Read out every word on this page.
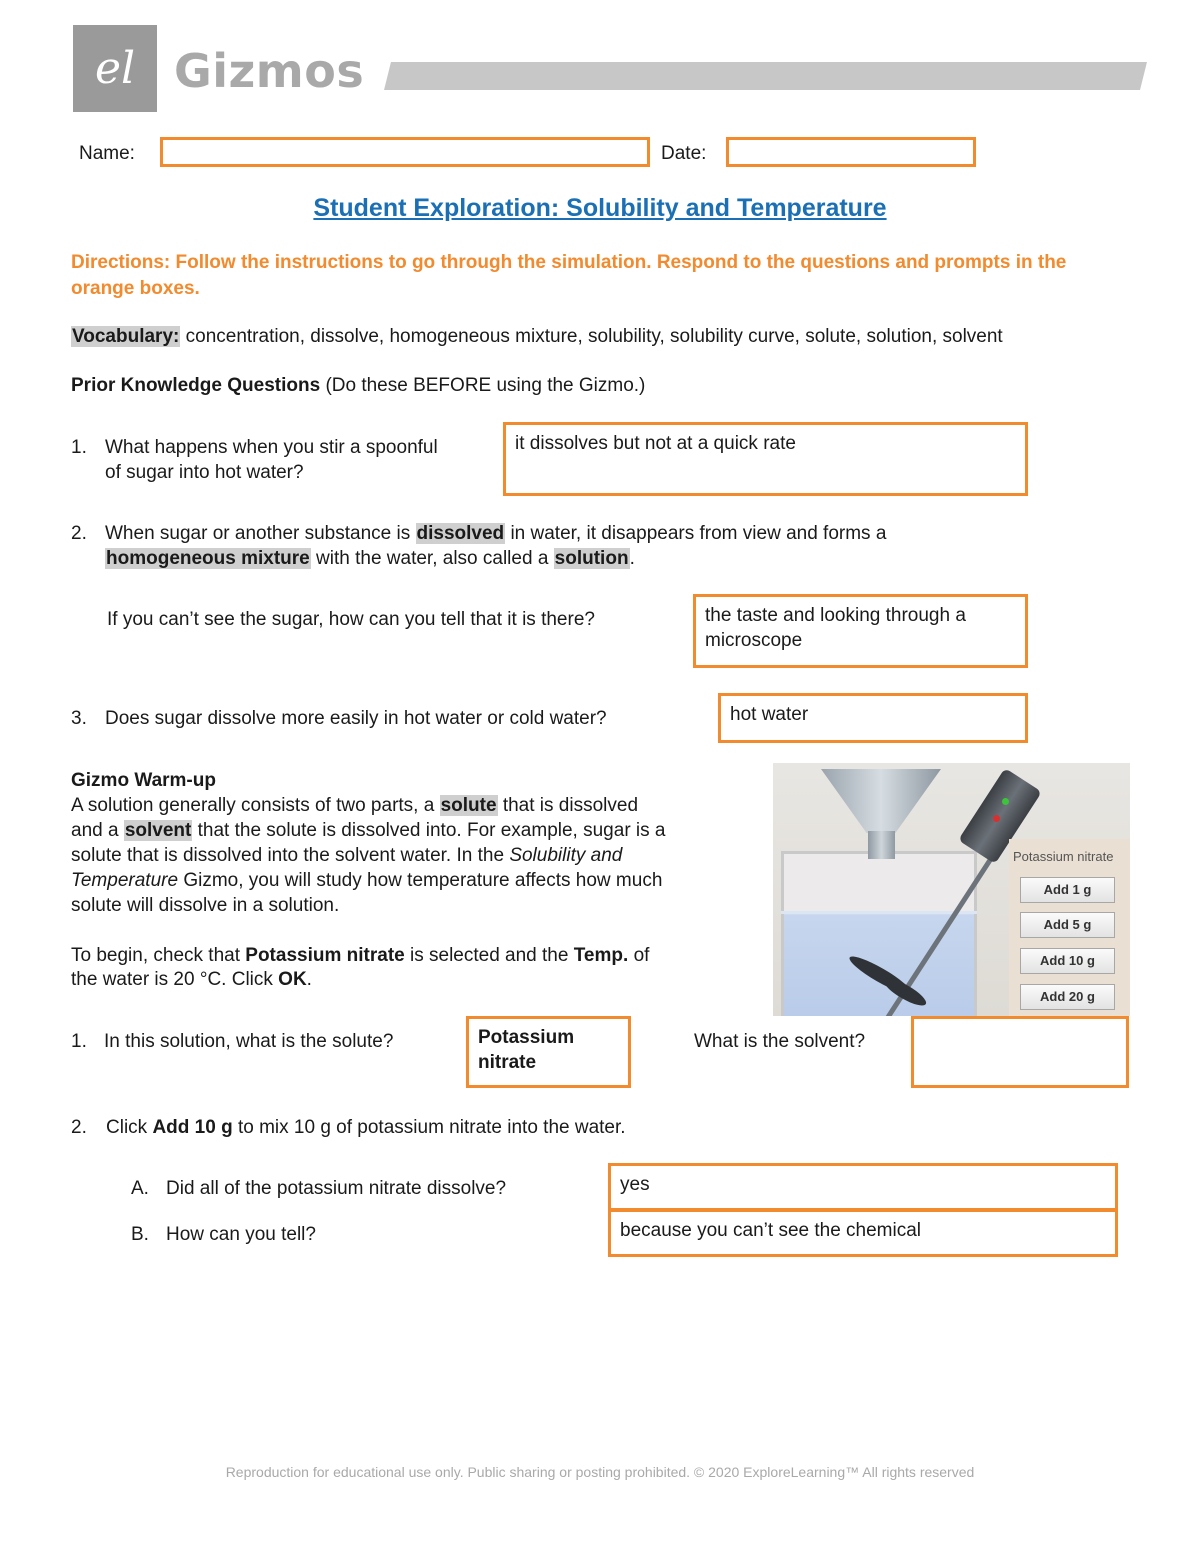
el Gizmos
Name:	Date:
Student Exploration: Solubility and Temperature
Directions: Follow the instructions to go through the simulation. Respond to the questions and prompts in the orange boxes.
Vocabulary: concentration, dissolve, homogeneous mixture, solubility, solubility curve, solute, solution, solvent
Prior Knowledge Questions (Do these BEFORE using the Gizmo.)
1. What happens when you stir a spoonful
of sugar into hot water?
it dissolves but not at a quick rate
2. When sugar or another substance is dissolved in water, it disappears from view and forms a
homogeneous mixture with the water, also called a solution.
If you can’t see the sugar, how can you tell that it is there?	the taste and looking through a microscope
3. Does sugar dissolve more easily in hot water or cold water?	hot water
Gizmo Warm-up
A solution generally consists of two parts, a solute that is dissolved
and a solvent that the solute is dissolved into. For example, sugar is a
solute that is dissolved into the solvent water. In the Solubility and
Temperature Gizmo, you will study how temperature affects how much
solute will dissolve in a solution.
To begin, check that Potassium nitrate is selected and the Temp. of
the water is 20 °C. Click OK.
Potassium nitrate
Add 1 g
Add 5 g
Add 10 g
Add 20 g
1. In this solution, what is the solute?	Potassium nitrate
What is the solvent?
2. Click Add 10 g to mix 10 g of potassium nitrate into the water.
A. Did all of the potassium nitrate dissolve?	yes
B. How can you tell?	because you can’t see the chemical
Reproduction for educational use only. Public sharing or posting prohibited. © 2020 ExploreLearning™ All rights reserved
